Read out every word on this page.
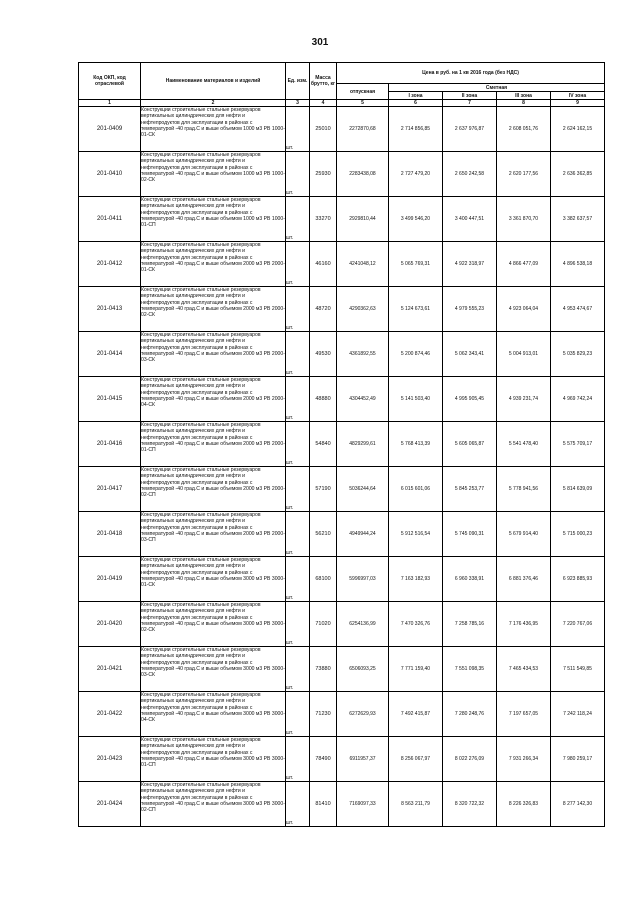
301
Код ОКП, код отраслевой	Наименование материалов и изделий	Ед. изм.	Масса брутто, кг	Цена в руб. на 1 кв 2016 года (без НДС)				
				отпускная	Сметная			
					I зона	II зона	III зона	IV зона
1	2	3	4	5	6	7	8	9
201-0409	Конструкции строительные стальные резервуаров вертикальных цилиндрических для нефти и нефтепродуктов для эксплуатации в районах с температурой -40 град.С и выше объемом 1000 м3 РВ 1000-01-СК	шт.	25010	2272870,68	2 714 856,85	2 637 976,87	2 608 051,76	2 624 162,15
201-0410	Конструкции строительные стальные резервуаров вертикальных цилиндрических для нефти и нефтепродуктов для эксплуатации в районах с температурой -40 град.С и выше объемом 1000 м3 РВ 1000-02-СК	шт.	25930	2283438,08	2 727 479,20	2 650 242,58	2 620 177,56	2 636 362,85
201-0411	Конструкции строительные стальные резервуаров вертикальных цилиндрических для нефти и нефтепродуктов для эксплуатации в районах с температурой -40 град.С и выше объемом 1000 м3 РВ 1000-01-СП	шт.	33270	2929810,44	3 499 546,20	3 400 447,51	3 361 870,70	3 382 637,57
201-0412	Конструкции строительные стальные резервуаров вертикальных цилиндрических для нефти и нефтепродуктов для эксплуатации в районах с температурой -40 град.С и выше объемом 2000 м3 РВ 2000-01-СК	шт.	46160	4241048,12	5 065 769,31	4 922 318,97	4 866 477,09	4 896 538,18
201-0413	Конструкции строительные стальные резервуаров вертикальных цилиндрических для нефти и нефтепродуктов для эксплуатации в районах с температурой -40 град.С и выше объемом 2000 м3 РВ 2000-02-СК	шт.	48720	4290362,63	5 124 673,61	4 979 555,23	4 923 064,04	4 953 474,67
201-0414	Конструкции строительные стальные резервуаров вертикальных цилиндрических для нефти и нефтепродуктов для эксплуатации в районах с температурой -40 град.С и выше объемом 2000 м3 РВ 2000-03-СК	шт.	49530	4361892,55	5 200 874,46	5 062 343,41	5 004 913,01	5 035 829,23
201-0415	Конструкции строительные стальные резервуаров вертикальных цилиндрических для нефти и нефтепродуктов для эксплуатации в районах с температурой -40 град.С и выше объемом 2000 м3 РВ 2000-04-СК	шт.	48880	4304452,49	5 141 503,40	4 995 905,45	4 939 231,74	4 969 742,24
201-0416	Конструкции строительные стальные резервуаров вертикальных цилиндрических для нефти и нефтепродуктов для эксплуатации в районах с температурой -40 град.С и выше объемом 2000 м3 РВ 2000-01-СП	шт.	54840	4829299,61	5 768 413,39	5 605 065,87	5 541 478,40	5 575 709,17
201-0417	Конструкции строительные стальные резервуаров вертикальных цилиндрических для нефти и нефтепродуктов для эксплуатации в районах с температурой -40 град.С и выше объемом 2000 м3 РВ 2000-02-СП	шт.	57190	5036244,64	6 015 601,06	5 845 253,77	5 778 941,56	5 814 639,09
201-0418	Конструкции строительные стальные резервуаров вертикальных цилиндрических для нефти и нефтепродуктов для эксплуатации в районах с температурой -40 град.С и выше объемом 2000 м3 РВ 2000-03-СП	шт.	56210	4949944,24	5 912 516,54	5 745 090,31	5 679 914,40	5 715 000,23
201-0419	Конструкции строительные стальные резервуаров вертикальных цилиндрических для нефти и нефтепродуктов для эксплуатации в районах с температурой -40 град.С и выше объемом 3000 м3 РВ 3000-01-СК	шт.	68100	5996997,03	7 163 182,93	6 960 338,91	6 881 376,46	6 923 885,93
201-0420	Конструкции строительные стальные резервуаров вертикальных цилиндрических для нефти и нефтепродуктов для эксплуатации в районах с температурой -40 град.С и выше объемом 3000 м3 РВ 3000-02-СК	шт.	71020	6254136,99	7 470 326,76	7 258 785,16	7 176 436,95	7 220 767,06
201-0421	Конструкции строительные стальные резервуаров вертикальных цилиндрических для нефти и нефтепродуктов для эксплуатации в районах с температурой -40 град.С и выше объемом 3000 м3 РВ 3000-03-СК	шт.	73880	6506093,25	7 771 159,40	7 551 098,35	7 465 434,53	7 511 549,85
201-0422	Конструкции строительные стальные резервуаров вертикальных цилиндрических для нефти и нефтепродуктов для эксплуатации в районах с температурой -40 град.С и выше объемом 3000 м3 РВ 3000-04-СК	шт.	71230	6272629,93	7 492 415,87	7 280 248,76	7 197 657,05	7 242 118,24
201-0423	Конструкции строительные стальные резервуаров вертикальных цилиндрических для нефти и нефтепродуктов для эксплуатации в районах с температурой -40 град.С и выше объемом 3000 м3 РВ 3000-01-СП	шт.	78490	6911957,37	8 256 067,97	8 022 276,09	7 931 266,34	7 980 259,17
201-0424	Конструкции строительные стальные резервуаров вертикальных цилиндрических для нефти и нефтепродуктов для эксплуатации в районах с температурой -40 град.С и выше объемом 3000 м3 РВ 3000-02-СП	шт.	81410	7169097,33	8 563 211,79	8 320 722,32	8 226 326,83	8 277 142,30
